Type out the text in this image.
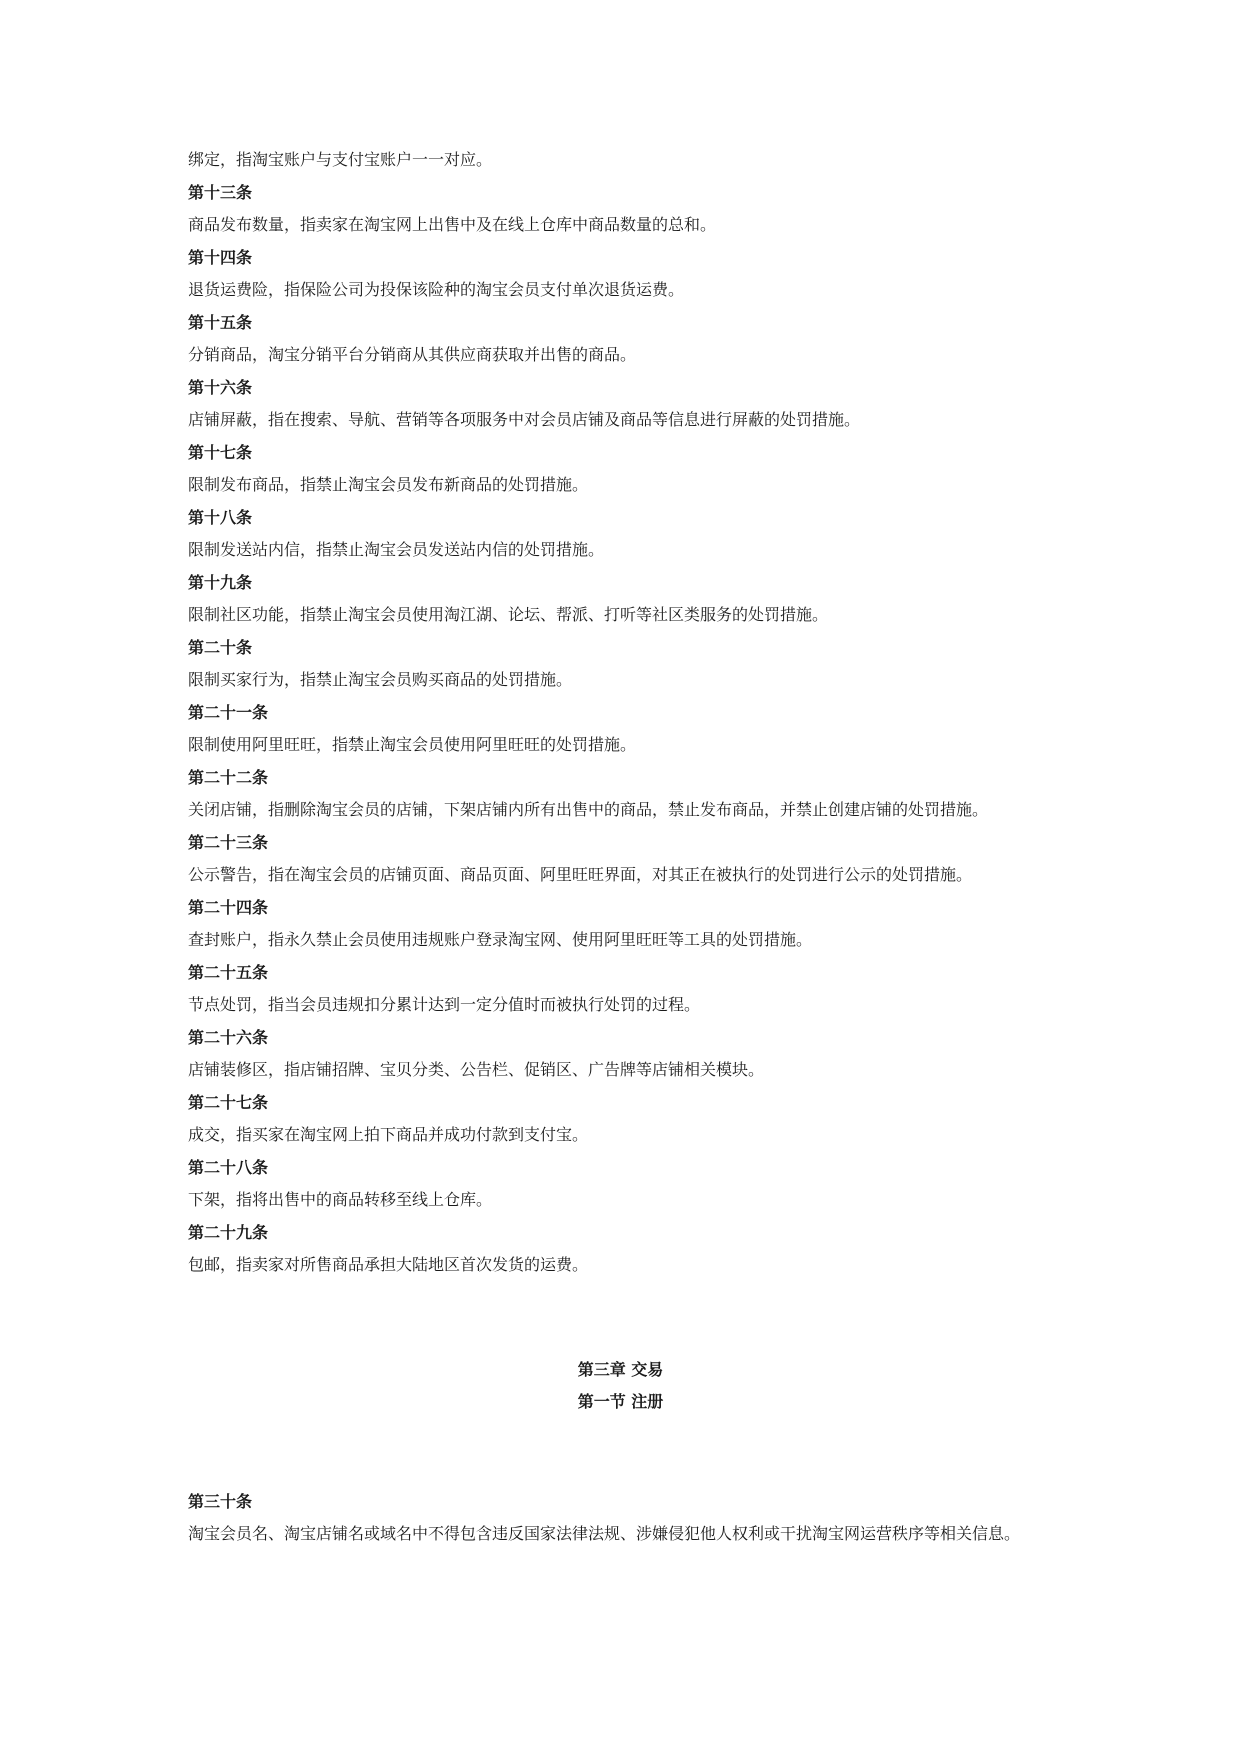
绑定，指淘宝账户与支付宝账户一一对应。
第十三条
商品发布数量，指卖家在淘宝网上出售中及在线上仓库中商品数量的总和。
第十四条
退货运费险，指保险公司为投保该险种的淘宝会员支付单次退货运费。
第十五条
分销商品，淘宝分销平台分销商从其供应商获取并出售的商品。
第十六条
店铺屏蔽，指在搜索、导航、营销等各项服务中对会员店铺及商品等信息进行屏蔽的处罚措施。
第十七条
限制发布商品，指禁止淘宝会员发布新商品的处罚措施。
第十八条
限制发送站内信，指禁止淘宝会员发送站内信的处罚措施。
第十九条
限制社区功能，指禁止淘宝会员使用淘江湖、论坛、帮派、打听等社区类服务的处罚措施。
第二十条
限制买家行为，指禁止淘宝会员购买商品的处罚措施。
第二十一条
限制使用阿里旺旺，指禁止淘宝会员使用阿里旺旺的处罚措施。
第二十二条
关闭店铺，指删除淘宝会员的店铺，下架店铺内所有出售中的商品，禁止发布商品，并禁止创建店铺的处罚措施。
第二十三条
公示警告，指在淘宝会员的店铺页面、商品页面、阿里旺旺界面，对其正在被执行的处罚进行公示的处罚措施。
第二十四条
查封账户，指永久禁止会员使用违规账户登录淘宝网、使用阿里旺旺等工具的处罚措施。
第二十五条
节点处罚，指当会员违规扣分累计达到一定分值时而被执行处罚的过程。
第二十六条
店铺装修区，指店铺招牌、宝贝分类、公告栏、促销区、广告牌等店铺相关模块。
第二十七条
成交，指买家在淘宝网上拍下商品并成功付款到支付宝。
第二十八条
下架，指将出售中的商品转移至线上仓库。
第二十九条
包邮，指卖家对所售商品承担大陆地区首次发货的运费。
第三章 交易
第一节 注册
第三十条
淘宝会员名、淘宝店铺名或域名中不得包含违反国家法律法规、涉嫌侵犯他人权利或干扰淘宝网运营秩序等相关信息。
